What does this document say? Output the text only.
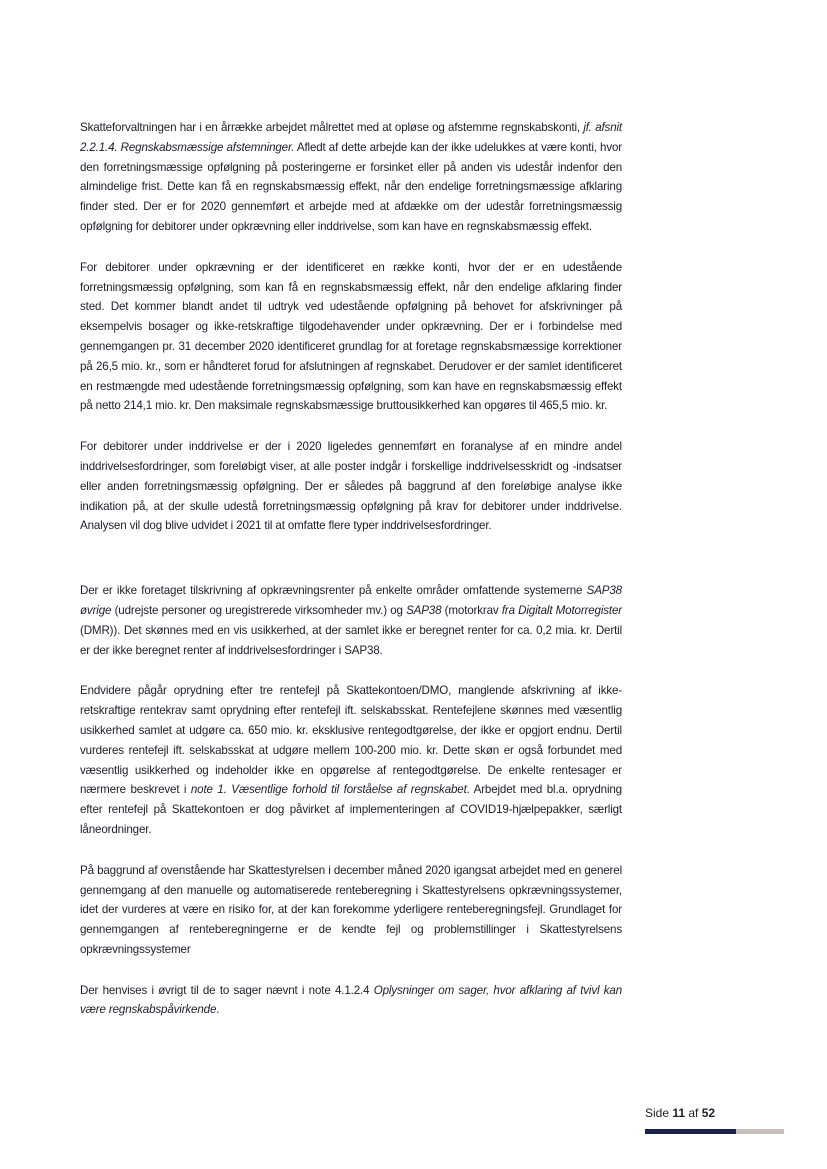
Skatteforvaltningen har i en årrække arbejdet målrettet med at opløse og afstemme regnskabskonti, jf. afsnit 2.2.1.4. Regnskabsmæssige afstemninger. Afledt af dette arbejde kan der ikke udelukkes at være konti, hvor den forretningsmæssige opfølgning på posteringerne er forsinket eller på anden vis udestår indenfor den almindelige frist. Dette kan få en regnskabsmæssig effekt, når den endelige forretningsmæssige afklaring finder sted. Der er for 2020 gennemført et arbejde med at afdække om der udestår forretningsmæssig opfølgning for debitorer under opkrævning eller inddrivelse, som kan have en regnskabsmæssig effekt.

For debitorer under opkrævning er der identificeret en række konti, hvor der er en udestående forretningsmæssig opfølgning, som kan få en regnskabsmæssig effekt, når den endelige afklaring finder sted. Det kommer blandt andet til udtryk ved udestående opfølgning på behovet for afskrivninger på eksempelvis bosager og ikke-retskraftige tilgodehavender under opkrævning. Der er i forbindelse med gennemgangen pr. 31 december 2020 identificeret grundlag for at foretage regnskabsmæssige korrektioner på 26,5 mio. kr., som er håndteret forud for afslutningen af regnskabet. Derudover er der samlet identificeret en restmængde med udestående forretningsmæssig opfølgning, som kan have en regnskabsmæssig effekt på netto 214,1 mio. kr. Den maksimale regnskabsmæssige bruttousikkerhed kan opgøres til 465,5 mio. kr.

For debitorer under inddrivelse er der i 2020 ligeledes gennemført en foranalyse af en mindre andel inddrivelsesfordringer, som foreløbigt viser, at alle poster indgår i forskellige inddrivelsesskridt og -indsatser eller anden forretningsmæssig opfølgning. Der er således på baggrund af den foreløbige analyse ikke indikation på, at der skulle udestå forretningsmæssig opfølgning på krav for debitorer under inddrivelse. Analysen vil dog blive udvidet i 2021 til at omfatte flere typer inddrivelsesfordringer.

Der er ikke foretaget tilskrivning af opkrævningsrenter på enkelte områder omfattende systemerne SAP38 øvrige (udrejste personer og uregistrerede virksomheder mv.) og SAP38 (motorkrav fra Digitalt Motorregister (DMR)). Det skønnes med en vis usikkerhed, at der samlet ikke er beregnet renter for ca. 0,2 mia. kr. Dertil er der ikke beregnet renter af inddrivelsesfordringer i SAP38.

Endvidere pågår oprydning efter tre rentefejl på Skattekontoen/DMO, manglende afskrivning af ikke-retskraftige rentekrav samt oprydning efter rentefejl ift. selskabsskat. Rentefejlene skønnes med væsentlig usikkerhed samlet at udgøre ca. 650 mio. kr. eksklusive rentegodtgørelse, der ikke er opgjort endnu. Dertil vurderes rentefejl ift. selskabsskat at udgøre mellem 100-200 mio. kr. Dette skøn er også forbundet med væsentlig usikkerhed og indeholder ikke en opgørelse af rentegodtgørelse. De enkelte rentesager er nærmere beskrevet i note 1. Væsentlige forhold til forståelse af regnskabet. Arbejdet med bl.a. oprydning efter rentefejl på Skattekontoen er dog påvirket af implementeringen af COVID19-hjælpepakker, særligt låneordninger.

På baggrund af ovenstående har Skattestyrelsen i december måned 2020 igangsat arbejdet med en generel gennemgang af den manuelle og automatiserede renteberegning i Skattestyrelsens opkrævningssystemer, idet der vurderes at være en risiko for, at der kan forekomme yderligere renteberegningsfejl. Grundlaget for gennemgangen af renteberegningerne er de kendte fejl og problemstillinger i Skattestyrelsens opkrævningssystemer

Der henvises i øvrigt til de to sager nævnt i note 4.1.2.4 Oplysninger om sager, hvor afklaring af tvivl kan være regnskabspåvirkende.

Side 11 af 52
